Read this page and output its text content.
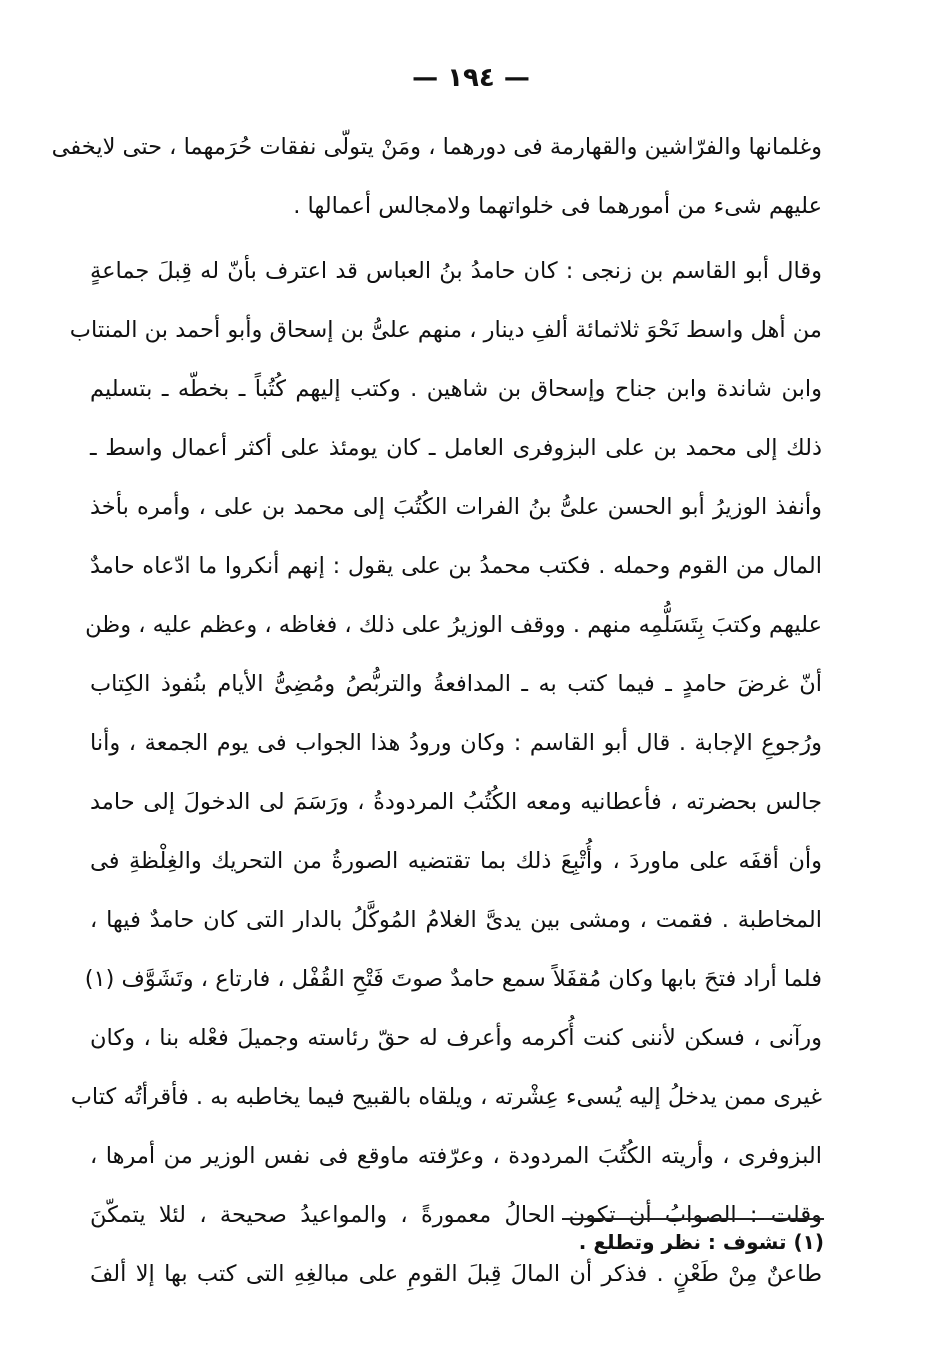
— ١٩٤ —
وغلمانها والفرّاشين والقهارمة فى دورهما ، ومَنْ يتولّى نفقات حُرَمهما ، حتى لايخفى
عليهم شىء من أمورهما فى خلواتهما ولامجالس أعمالها .
وقال أبو القاسم بن زنجى : كان حامدُ بنُ العباس قد اعترف بأنّ له قِبلَ جماعةٍ
من أهل واسط نَحْوَ ثلاثمائة ألفِ دينار ، منهم علىُّ بن إسحاق وأبو أحمد بن المنتاب
وابن شاندة وابن جناح وإسحاق بن شاهين . وكتب إليهم كُتُباً ـ بخطّه ـ بتسليم
ذلك إلى محمد بن على البزوفرى العامل ـ كان يومئذ على أكثر أعمال واسط ـ
وأنفذ الوزيرُ أبو الحسن علىُّ بنُ الفرات الكُتُبَ إلى محمد بن على ، وأمره بأخذ
المال من القوم وحمله . فكتب محمدُ بن على يقول : إنهم أنكروا ما ادّعاه حامدٌ
عليهم وكتبَ بِتَسَلُّمِه منهم . ووقف الوزيرُ على ذلك ، فغاظه ، وعظم عليه ، وظن
أنّ غرضَ حامدٍ ـ فيما كتب به ـ المدافعةُ والتربُّصُ ومُضِىُّ الأيام بنُفوذ الكِتاب
ورُجوعِ الإجابة . قال أبو القاسم : وكان ورودُ هذا الجواب فى يوم الجمعة ، وأنا
جالس بحضرته ، فأعطانيه ومعه الكُتُبُ المردودةُ ، ورَسَمَ لى الدخولَ إلى حامد
وأن أقفَه على ماوردَ ، وأُتْبِعَ ذلك بما تقتضيه الصورةُ من التحريك والغِلْظةِ فى
المخاطبة . فقمت ، ومشى بين يدىَّ الغلامُ المُوكَّلُ بالدار التى كان حامدٌ فيها ،
فلما أراد فتحَ بابها وكان مُقفَلاً سمع حامدٌ صوتَ فَتْحِ القُفْل ، فارتاع ، وتَشَوَّف (١)
ورآنى ، فسكن لأننى كنت أُكرمه وأعرف له حقّ رئاسته وجميلَ فعْله بنا ، وكان
غيرى ممن يدخلُ إليه يُسىء عِشْرته ، ويلقاه بالقبيح فيما يخاطبه به . فأقرأتُه كتاب
البزوفرى ، وأريته الكُتُبَ المردودة ، وعرّفته ماوقع فى نفس الوزير من أمرها ،
وقلت : الصوابُ أن تكون الحالُ معمورةً ، والمواعيدُ صحيحة ، لئلا يتمكّنَ
طاعنٌ مِنْ طَعْنٍ . فذكر أن المالَ قِبلَ القومِ على مبالغِهِ التى كتب بها إلا ألفَ
(١) تشوف : نظر وتطلع .
